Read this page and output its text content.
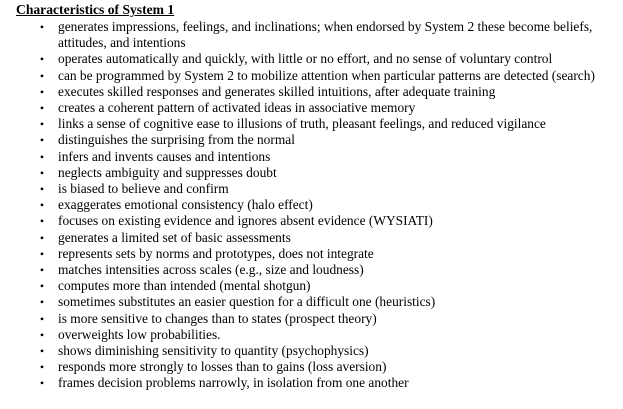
Characteristics of System 1
• generates impressions, feelings, and inclinations; when endorsed by System 2 these become beliefs, attitudes, and intentions
• operates automatically and quickly, with little or no effort, and no sense of voluntary control
• can be programmed by System 2 to mobilize attention when particular patterns are detected (search)
• executes skilled responses and generates skilled intuitions, after adequate training
• creates a coherent pattern of activated ideas in associative memory
• links a sense of cognitive ease to illusions of truth, pleasant feelings, and reduced vigilance
• distinguishes the surprising from the normal
• infers and invents causes and intentions
• neglects ambiguity and suppresses doubt
• is biased to believe and confirm
• exaggerates emotional consistency (halo effect)
• focuses on existing evidence and ignores absent evidence (WYSIATI)
• generates a limited set of basic assessments
• represents sets by norms and prototypes, does not integrate
• matches intensities across scales (e.g., size and loudness)
• computes more than intended (mental shotgun)
• sometimes substitutes an easier question for a difficult one (heuristics)
• is more sensitive to changes than to states (prospect theory)
• overweights low probabilities.
• shows diminishing sensitivity to quantity (psychophysics)
• responds more strongly to losses than to gains (loss aversion)
• frames decision problems narrowly, in isolation from one another
